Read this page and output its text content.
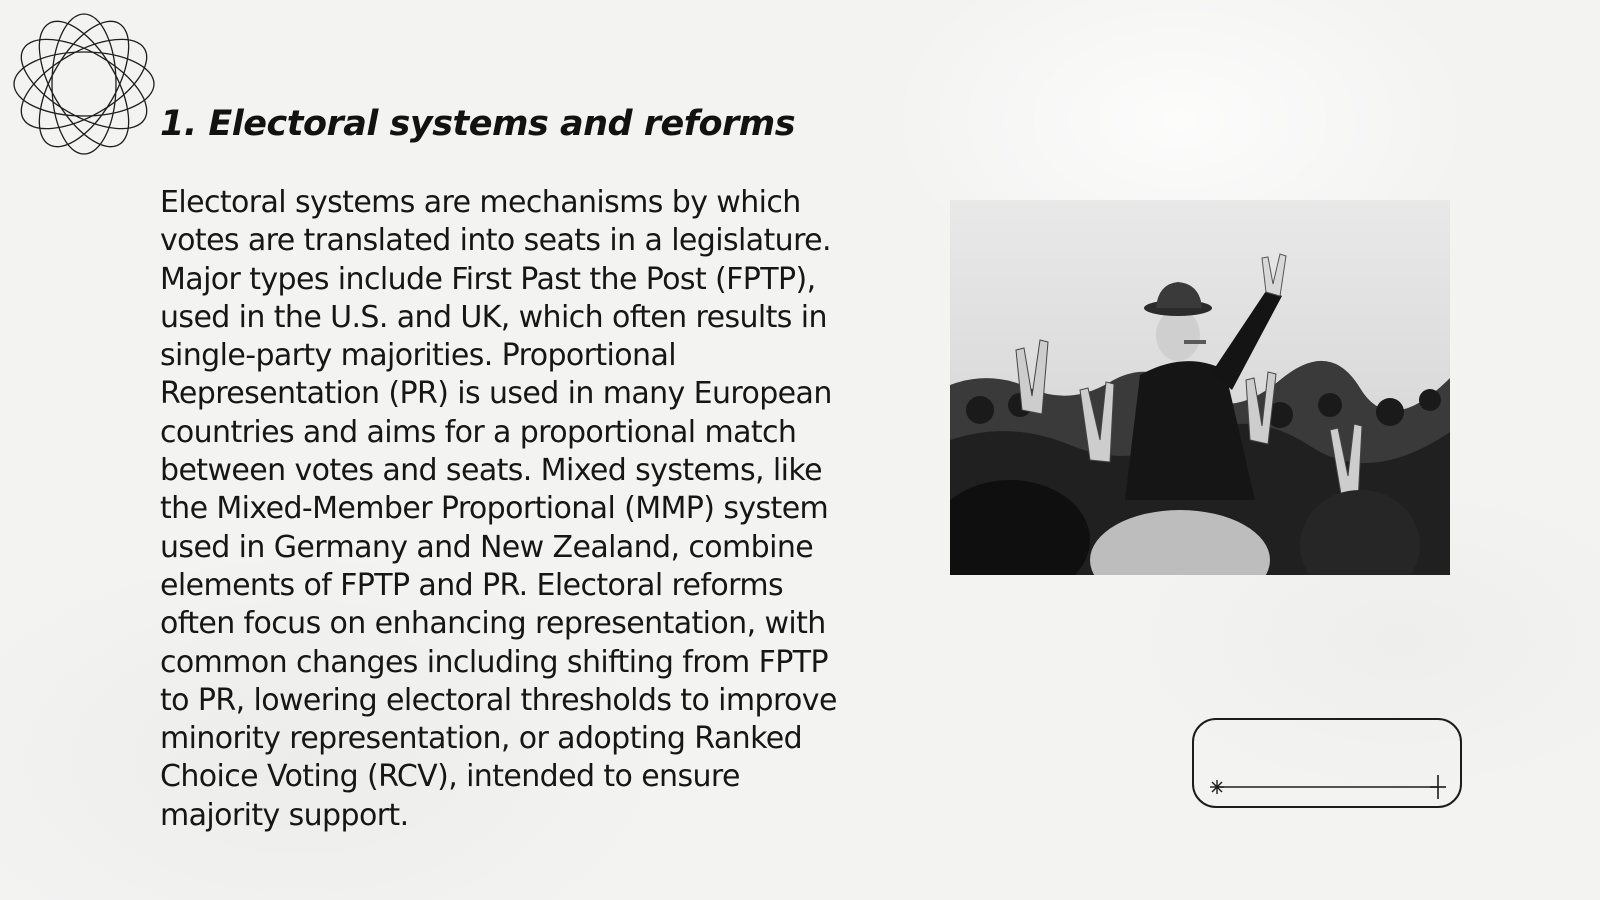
1. Electoral systems and reforms

Electoral systems are mechanisms by which votes are translated into seats in a legislature. Major types include First Past the Post (FPTP), used in the U.S. and UK, which often results in single-party majorities. Proportional Representation (PR) is used in many European countries and aims for a proportional match between votes and seats. Mixed systems, like the Mixed-Member Proportional (MMP) system used in Germany and New Zealand, combine elements of FPTP and PR. Electoral reforms often focus on enhancing representation, with common changes including shifting from FPTP to PR, lowering electoral thresholds to improve minority representation, or adopting Ranked Choice Voting (RCV), intended to ensure majority support.
